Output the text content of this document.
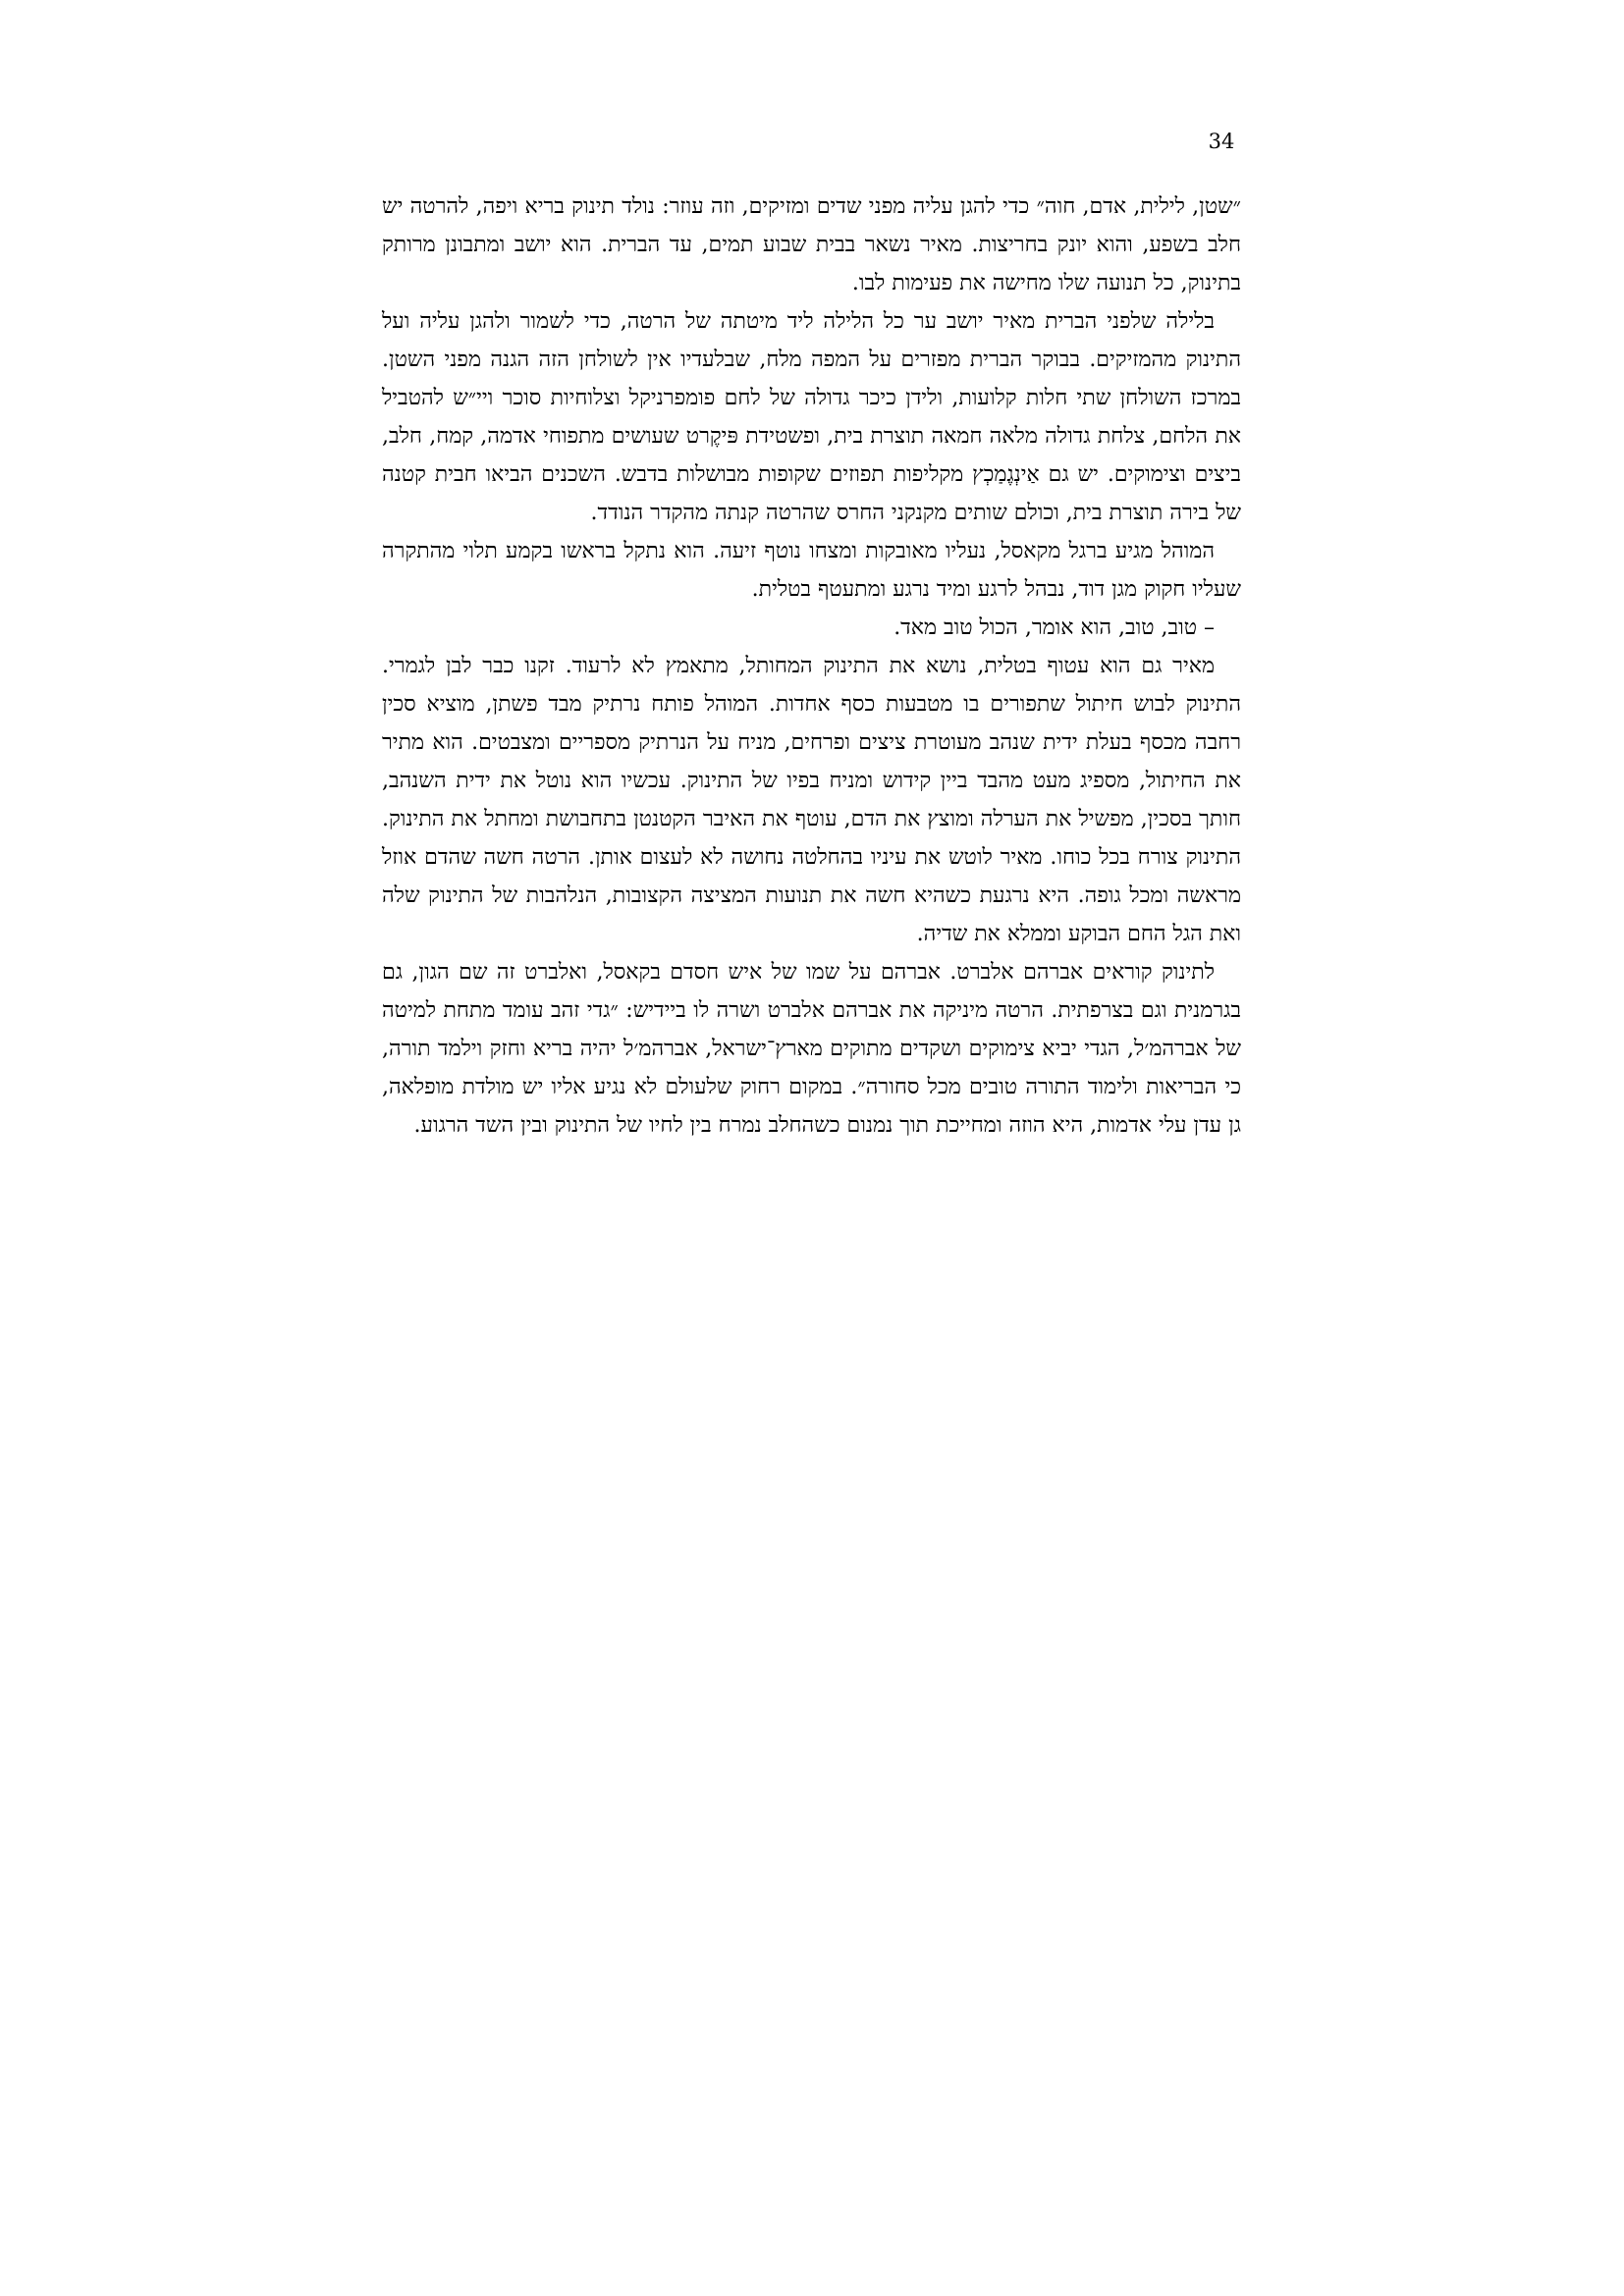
34

״שטן, לילית, אדם, חוה״ כדי להגן עליה מפני שדים ומזיקים, וזה עוזר: נולד תינוק בריא ויפה, להרטה יש חלב בשפע, והוא יונק בחריצות. מאיר נשאר בבית שבוע תמים, עד הברית. הוא יושב ומתבונן מרותק בתינוק, כל תנועה שלו מחישה את פעימות לבו.

בלילה שלפני הברית מאיר יושב ער כל הלילה ליד מיטתה של הרטה, כדי לשמור ולהגן עליה ועל התינוק מהמזיקים. בבוקר הברית מפזרים על המפה מלח, שבלעדיו אין לשולחן הזה הגנה מפני השטן. במרכז השולחן שתי חלות קלועות, ולידן כיכר גדולה של לחם פומפרניקל וצלוחיות סוכר ויי״ש להטביל את הלחם, צלחת גדולה מלאה חמאה תוצרת בית, ופשטידת פּיקֶרט שעושים מתפוחי אדמה, קמח, חלב, ביצים וצימוקים. יש גם אַינְגֶמַכְץ מקליפות תפוזים שקופות מבושלות בדבש. השכנים הביאו חבית קטנה של בירה תוצרת בית, וכולם שותים מקנקני החרס שהרטה קנתה מהקדר הנודד.

המוהל מגיע ברגל מקאסל, נעליו מאובקות ומצחו נוטף זיעה. הוא נתקל בראשו בקמע תלוי מהתקרה שעליו חקוק מגן דוד, נבהל לרגע ומיד נרגע ומתעטף בטלית.

– טוב, טוב, הוא אומר, הכול טוב מאד.

מאיר גם הוא עטוף בטלית, נושא את התינוק המחותל, מתאמץ לא לרעוד. זקנו כבר לבן לגמרי. התינוק לבוש חיתול שתפורים בו מטבעות כסף אחדות. המוהל פותח נרתיק מבד פשתן, מוציא סכין רחבה מכסף בעלת ידית שנהב מעוטרת ציצים ופרחים, מניח על הנרתיק מספריים ומצבטים. הוא מתיר את החיתול, מספיג מעט מהבד ביין קידוש ומניח בפיו של התינוק. עכשיו הוא נוטל את ידית השנהב, חותך בסכין, מפשיל את הערלה ומוצץ את הדם, עוטף את האיבר הקטנטן בתחבושת ומחתל את התינוק. התינוק צורח בכל כוחו. מאיר לוטש את עיניו בהחלטה נחושה לא לעצום אותן. הרטה חשה שהדם אוזל מראשה ומכל גופה. היא נרגעת כשהיא חשה את תנועות המציצה הקצובות, הנלהבות של התינוק שלה ואת הגל החם הבוקע וממלא את שדיה.

לתינוק קוראים אברהם אלברט. אברהם על שמו של איש חסדם בקאסל, ואלברט זה שם הגון, גם בגרמנית וגם בצרפתית. הרטה מיניקה את אברהם אלברט ושרה לו ביידיש: ״גדי זהב עומד מתחת למיטה של אברהמ׳ל, הגדי יביא צימוקים ושקדים מתוקים מארץ־ישראל, אברהמ׳ל יהיה בריא וחזק וילמד תורה, כי הבריאות ולימוד התורה טובים מכל סחורה״. במקום רחוק שלעולם לא נגיע אליו יש מולדת מופלאה, גן עדן עלי אדמות, היא הוזה ומחייכת תוך נמנום כשהחלב נמרח בין לחיו של התינוק ובין השד הרגוע.
